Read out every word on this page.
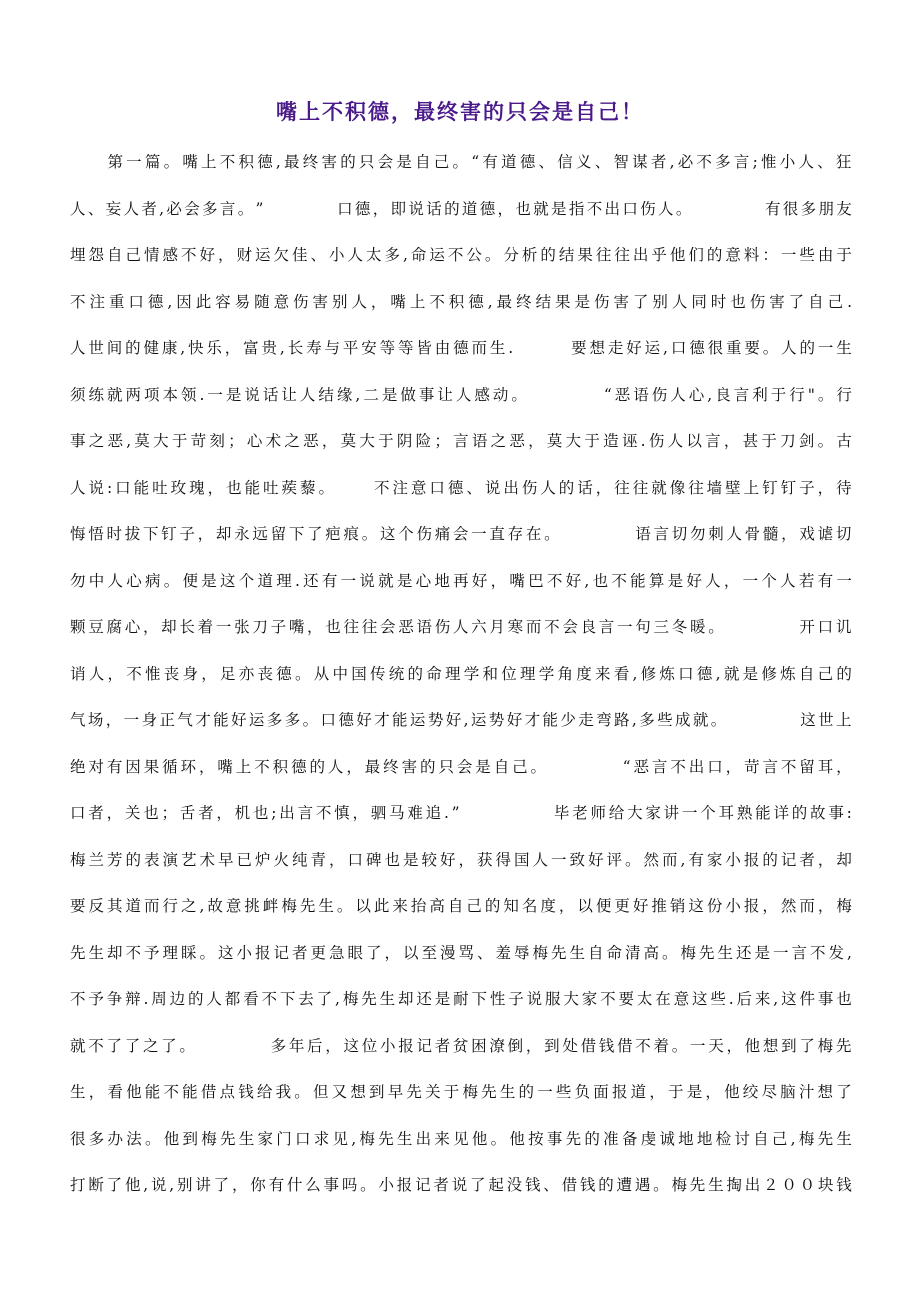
嘴上不积德，最终害的只会是自己！

第 一 篇 。 嘴 上 不 积 德 , 最 终 害 的 只 会 是 自 己 。 “ 有 道 德 、 信 义 、 智 谋 者 , 必 不 多 言 ; 惟 小 人 、 狂
人 、 妄 人 者 , 必 会 多 言 。 ”

　	口 德 ， 即 说 话 的 道 德 ， 也 就 是 指 不 出 口 伤 人 。

　	有 很 多 朋 友
埋 怨 自 己 情 感 不 好 ， 财 运 欠 佳 、 小 人 太 多 , 命 运 不 公 。 分 析 的 结 果 往 往 出 乎 他 们 的 意 料 ： 一 些 由 于
不 注 重 口 德 , 因 此 容 易 随 意 伤 害 别 人 ， 嘴 上 不 积 德 , 最 终 结 果 是 伤 害 了 别 人 同 时 也 伤 害 了 自 己 .
人 世 间 的 健 康 , 快 乐 ， 富 贵 , 长 寿 与 平 安 等 等 皆 由 德 而 生 .

　	要 想 走 好 运 , 口 德 很 重 要 。 人 的 一 生
须 练 就 两 项 本 领 . 一 是 说 话 让 人 结 缘 , 二 是 做 事 让 人 感 动 。

　	“ 恶 语 伤 人 心 , 良 言 利 于 行 " 。 行
事 之 恶 , 莫 大 于 苛 刻 ； 心 术 之 恶 ， 莫 大 于 阴 险 ； 言 语 之 恶 ， 莫 大 于 造 诬 . 伤 人 以 言 ， 甚 于 刀 剑 。 古
人 说 : 口 能 吐 玫 瑰 ， 也 能 吐 蒺 藜 。

　	不 注 意 口 德 、 说 出 伤 人 的 话 ， 往 往 就 像 往 墙 壁 上 钉 钉 子 ， 待
悔 悟 时 拔 下 钉 子 ， 却 永 远 留 下 了 疤 痕 。 这 个 伤 痛 会 一 直 存 在 。

　	语 言 切 勿 刺 人 骨 髓 ， 戏 谑 切
勿 中 人 心 病 。 便 是 这 个 道 理 . 还 有 一 说 就 是 心 地 再 好 ， 嘴 巴 不 好 , 也 不 能 算 是 好 人 ， 一 个 人 若 有 一
颗 豆 腐 心 ， 却 长 着 一 张 刀 子 嘴 ， 也 往 往 会 恶 语 伤 人 六 月 寒 而 不 会 良 言 一 句 三 冬 暖 。

　	开 口 讥
诮 人 ， 不 惟 丧 身 ， 足 亦 丧 德 。 从 中 国 传 统 的 命 理 学 和 位 理 学 角 度 来 看 , 修 炼 口 德 , 就 是 修 炼 自 己 的
气 场 ， 一 身 正 气 才 能 好 运 多 多 。 口 德 好 才 能 运 势 好 , 运 势 好 才 能 少 走 弯 路 , 多 些 成 就 。

　	这 世 上
绝 对 有 因 果 循 环 ， 嘴 上 不 积 德 的 人 ， 最 终 害 的 只 会 是 自 己 。

　	“ 恶 言 不 出 口 ， 苛 言 不 留 耳 ，
口 者 ， 关 也 ； 舌 者 ， 机 也 ; 出 言 不 慎 ， 驷 马 难 追 . ”

　	毕 老 师 给 大 家 讲 一 个 耳 熟 能 详 的 故 事 :
梅 兰 芳 的 表 演 艺 术 早 已 炉 火 纯 青 ， 口 碑 也 是 较 好 ， 获 得 国 人 一 致 好 评 。 然 而 , 有 家 小 报 的 记 者 ， 却
要 反 其 道 而 行 之 , 故 意 挑 衅 梅 先 生 。 以 此 来 抬 高 自 己 的 知 名 度 ， 以 便 更 好 推 销 这 份 小 报 ， 然 而 ， 梅
先 生 却 不 予 理 睬 。 这 小 报 记 者 更 急 眼 了 ， 以 至 漫 骂 、 羞 辱 梅 先 生 自 命 清 高 。 梅 先 生 还 是 一 言 不 发 ,
不 予 争 辩 . 周 边 的 人 都 看 不 下 去 了 , 梅 先 生 却 还 是 耐 下 性 子 说 服 大 家 不 要 太 在 意 这 些 . 后 来 , 这 件 事 也
就 不 了 了 之 了 。

　	多 年 后 ， 这 位 小 报 记 者 贫 困 潦 倒 ， 到 处 借 钱 借 不 着 。 一 天 ， 他 想 到 了 梅 先
生 ， 看 他 能 不 能 借 点 钱 给 我 。 但 又 想 到 早 先 关 于 梅 先 生 的 一 些 负 面 报 道 ， 于 是 ， 他 绞 尽 脑 汁 想 了
很 多 办 法 。 他 到 梅 先 生 家 门 口 求 见 , 梅 先 生 出 来 见 他 。 他 按 事 先 的 准 备 虔 诚 地 地 检 讨 自 己 , 梅 先 生
打 断 了 他 , 说 , 别 讲 了 ， 你 有 什 么 事 吗 。 小 报 记 者 说 了 起 没 钱 、 借 钱 的 遭 遇 。 梅 先 生 掏 出 ２ ０ ０ 块 钱
